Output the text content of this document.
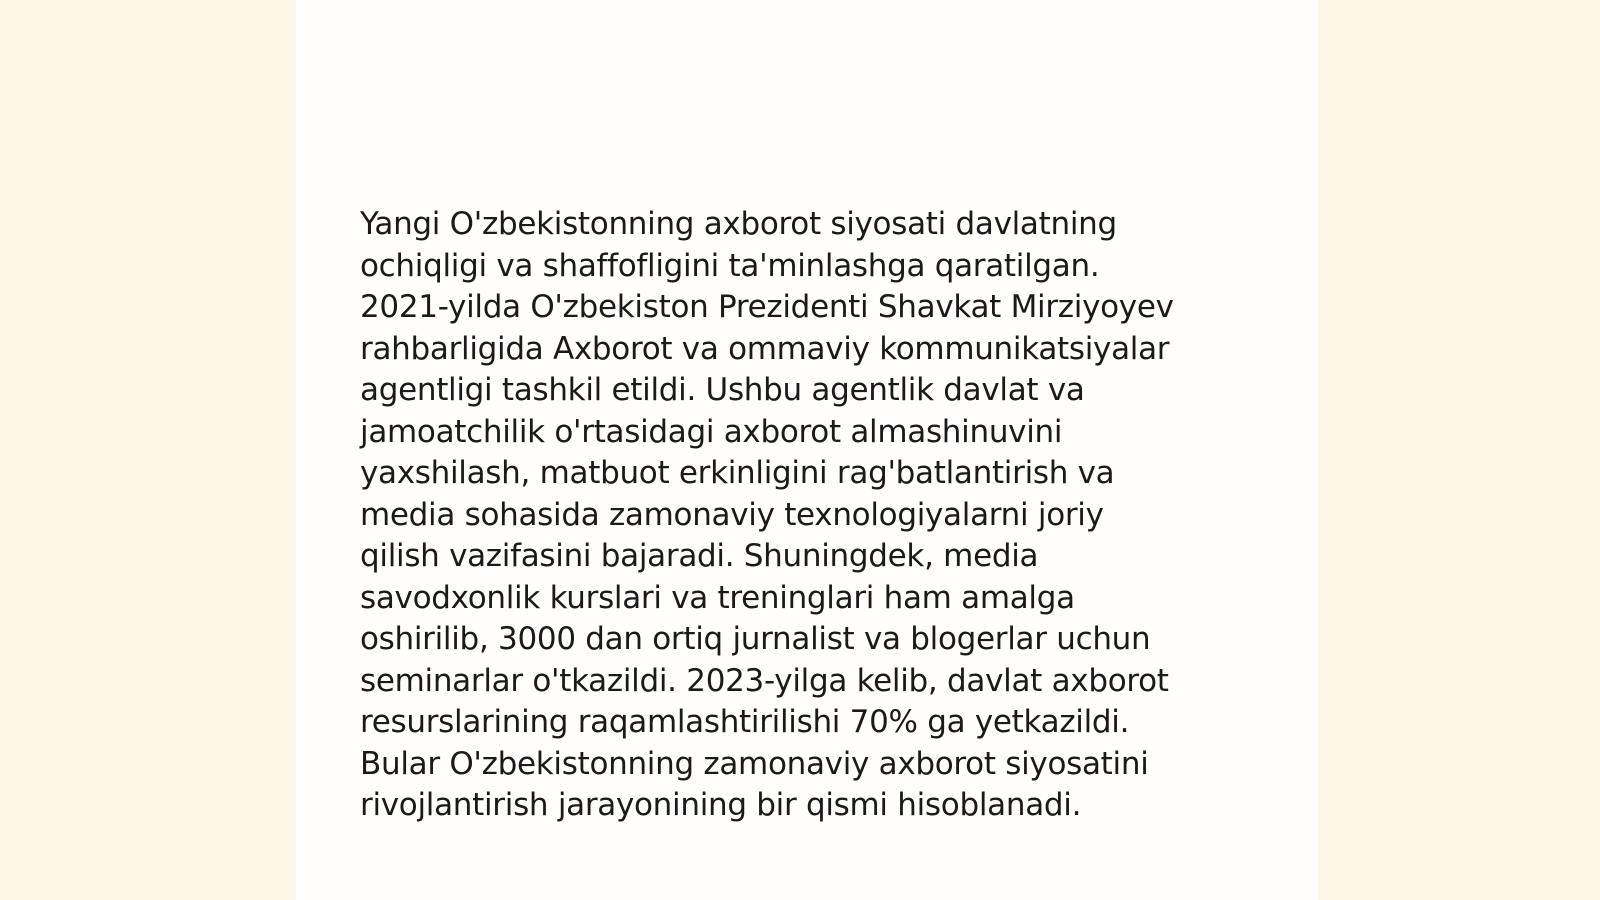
Yangi O'zbekistonning axborot siyosati davlatning
ochiqligi va shaffofligini ta'minlashga qaratilgan.
2021-yilda O'zbekiston Prezidenti Shavkat Mirziyoyev
rahbarligida Axborot va ommaviy kommunikatsiyalar
agentligi tashkil etildi. Ushbu agentlik davlat va
jamoatchilik o'rtasidagi axborot almashinuvini
yaxshilash, matbuot erkinligini rag'batlantirish va
media sohasida zamonaviy texnologiyalarni joriy
qilish vazifasini bajaradi. Shuningdek, media
savodxonlik kurslari va treninglari ham amalga
oshirilib, 3000 dan ortiq jurnalist va blogerlar uchun
seminarlar o'tkazildi. 2023-yilga kelib, davlat axborot
resurslarining raqamlashtirilishi 70% ga yetkazildi.
Bular O'zbekistonning zamonaviy axborot siyosatini
rivojlantirish jarayonining bir qismi hisoblanadi.
